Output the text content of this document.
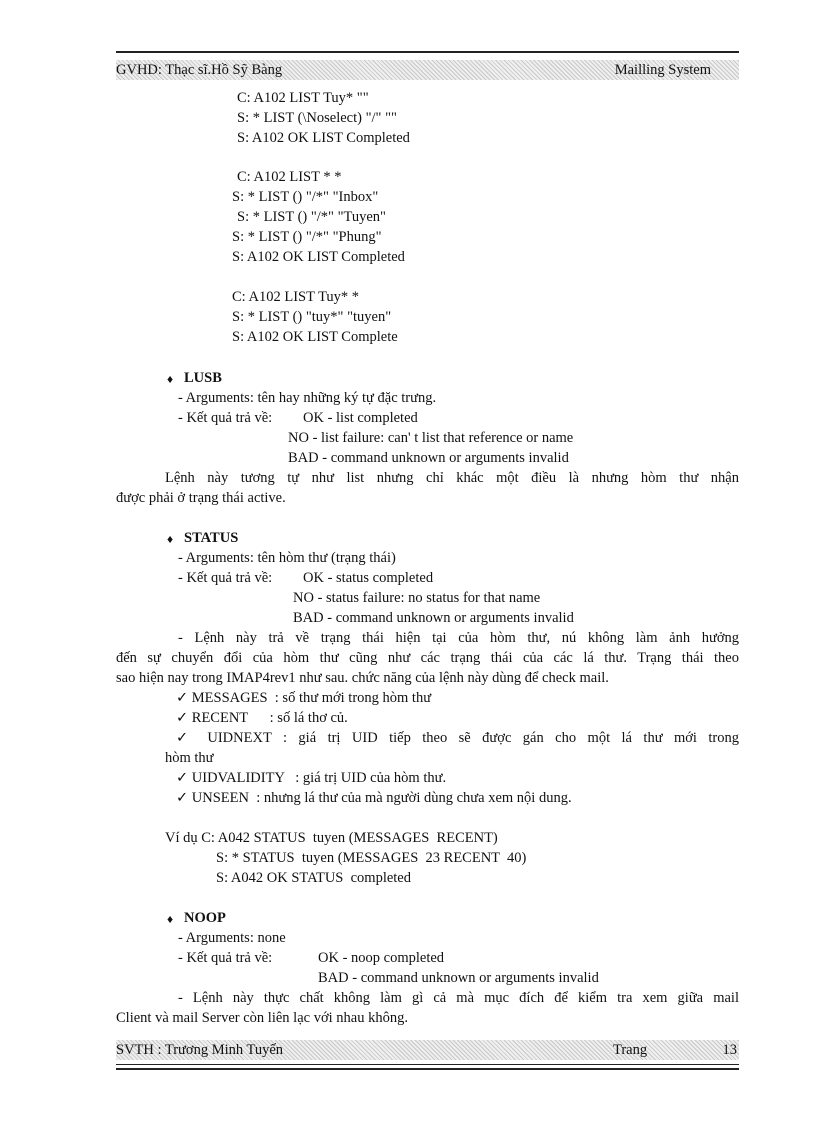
GVHD: Thạc sĩ.Hồ Sỹ Bàng	Mailling System
C: A102 LIST Tuy* ""
S: * LIST (\Noselect) "/" ""
S: A102 OK LIST Completed
C: A102 LIST * *
S: * LIST () "/*" "Inbox"
S: * LIST () "/*" "Tuyen"
S: * LIST () "/*" "Phung"
S: A102 OK LIST Completed
C: A102 LIST Tuy* *
S: * LIST () "tuy*" "tuyen"
S: A102 OK LIST Complete
♦ LUSB
- Arguments: tên hay những ký tự đặc trưng.
- Kết quả trả về: OK - list completed
NO - list failure: can' t list that reference or name
BAD - command unknown or arguments invalid
Lệnh này tương tự như list nhưng chỉ khác một điều là nhưng hòm thư nhận
được phải ở trạng thái active.
♦ STATUS
- Arguments: tên hòm thư (trạng thái)
- Kết quả trả về: OK - status completed
NO - status failure: no status for that name
BAD - command unknown or arguments invalid
- Lệnh này trả về trạng thái hiện tại của hòm thư, nú không làm ảnh hưởng
đến sự chuyển đổi của hòm thư cũng như các trạng thái của các lá thư. Trạng thái theo
sao hiện nay trong IMAP4rev1 như sau. chức năng của lệnh này dùng để check mail.
✓ MESSAGES  : số thư mới trong hòm thư
✓ RECENT      : số lá thơ củ.
✓ UIDNEXT : giá trị UID tiếp theo sẽ được gán cho một lá thư mới trong
hòm thư
✓ UIDVALIDITY   : giá trị UID của hòm thư.
✓ UNSEEN  : nhưng lá thư của mà người dùng chưa xem nội dung.
Ví dụ C: A042 STATUS  tuyen (MESSAGES  RECENT)
S: * STATUS  tuyen (MESSAGES  23 RECENT  40)
S: A042 OK STATUS  completed
♦ NOOP
- Arguments: none
- Kết quả trả về:	OK - noop completed
BAD - command unknown or arguments invalid
- Lệnh này thực chất không làm gì cả mà mục đích để kiểm tra xem giữa mail
Client và mail Server còn liên lạc với nhau không.
SVTH : Trương Minh Tuyến	Trang	13
